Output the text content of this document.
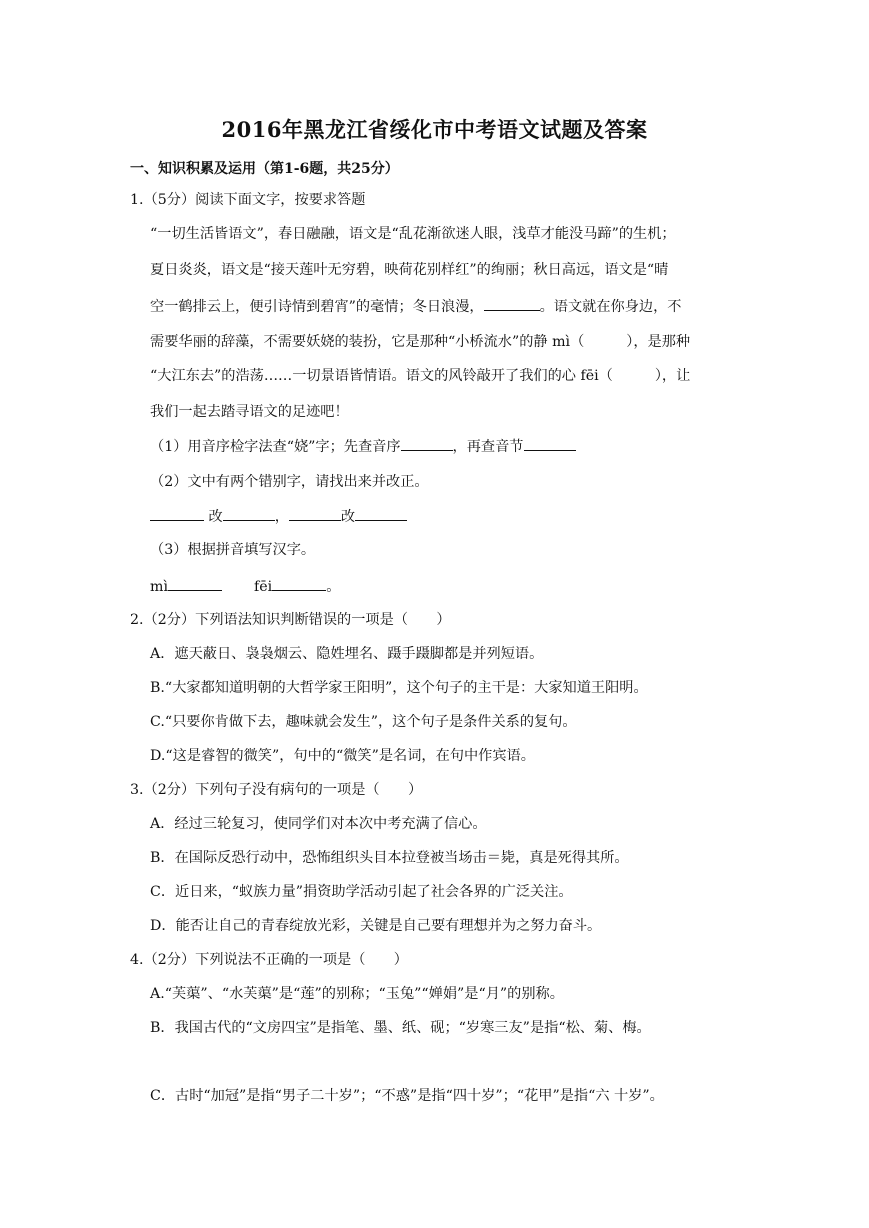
2016年黑龙江省绥化市中考语文试题及答案
一、知识积累及运用（第1-6题，共25分）
1.（5分）阅读下面文字，按要求答题
“一切生活皆语文”，春日融融，语文是“乱花渐欲迷人眼，浅草才能没马蹄”的生机；
夏日炎炎，语文是“接天莲叶无穷碧，映荷花别样红”的绚丽；秋日高远，语文是“晴
空一鹤排云上，便引诗情到碧宵”的毫情；冬日浪漫，	。语文就在你身边，不
需要华丽的辞藻，不需要妖娆的装扮，它是那种“小桥流水”的静 mì（	），是那种
“大江东去”的浩荡……一切景语皆情语。语文的风铃敲开了我们的心 fēi（	），让
我们一起去踏寻语文的足迹吧！
（1）用音序检字法查“娆”字；先查音序	，再查音节
（2）文中有两个错别字，请找出来并改正。
改	，	改
（3）根据拼音填写汉字。
mì	fēi	。
2.（2分）下列语法知识判断错误的一项是（　　）
A．遮天蔽日、袅袅烟云、隐姓埋名、蹑手蹑脚都是并列短语。
B.“大家都知道明朝的大哲学家王阳明”，这个句子的主干是：大家知道王阳明。
C.“只要你肯做下去，趣味就会发生”，这个句子是条件关系的复句。
D.“这是睿智的微笑”，句中的“微笑”是名词，在句中作宾语。
3.（2分）下列句子没有病句的一项是（　　）
A．经过三轮复习，使同学们对本次中考充满了信心。
B．在国际反恐行动中，恐怖组织头目本拉登被当场击＝毙，真是死得其所。
C．近日来，“蚁族力量”捐资助学活动引起了社会各界的广泛关注。
D．能否让自己的青春绽放光彩，关键是自己要有理想并为之努力奋斗。
4.（2分）下列说法不正确的一项是（　　）
A.“芙蕖”、“水芙蕖”是“莲”的别称；“玉兔”“婵娟”是“月”的别称。
B．我国古代的“文房四宝”是指笔、墨、纸、砚；“岁寒三友”是指“松、菊、梅。
C．古时“加冠”是指“男子二十岁”；“不惑”是指“四十岁”；“花甲”是指“六 十岁”。
